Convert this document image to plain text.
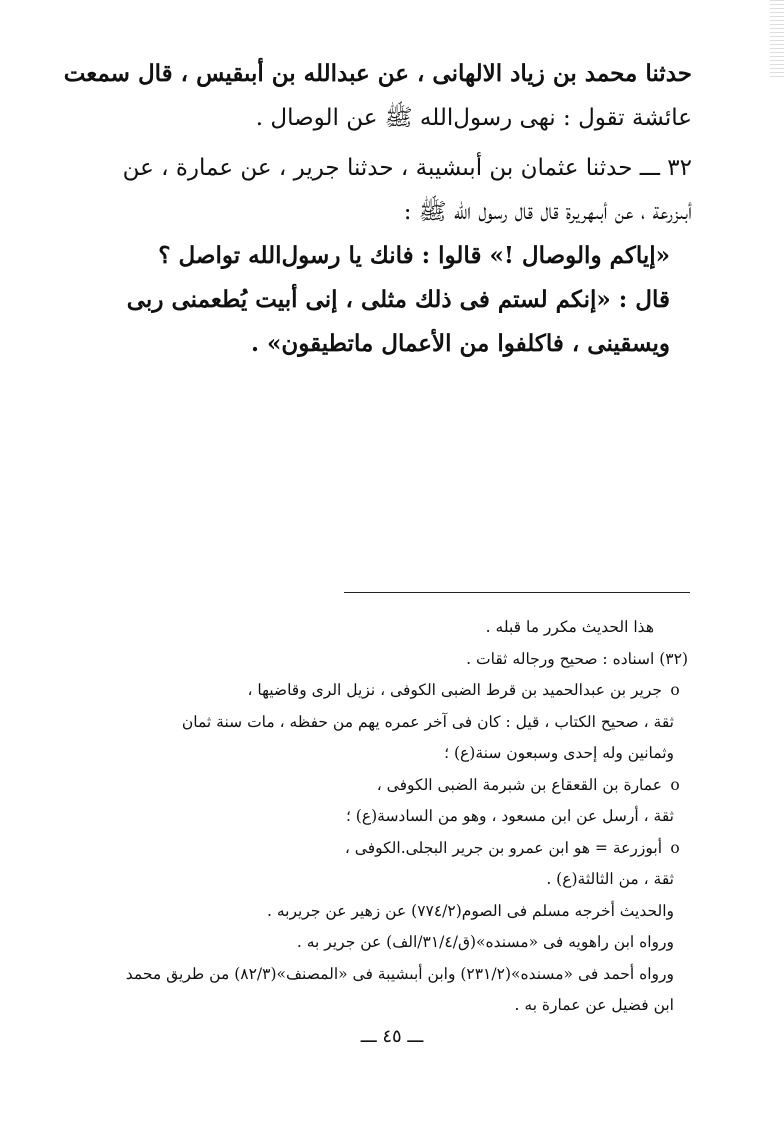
حدثنا محمد بن زياد الالهانى ، عن عبدالله بن أبىقيس ، قال سمعت
عائشة تقول : نهى رسول‌الله ﷺ عن الوصال .
٣٢ ـــ حدثنا عثمان بن أبىشيبة ، حدثنا جرير ، عن عمارة ، عن
أبىزرعة ، عن أبىهريرة قال قال رسول الله ﷺ :
«إياكم والوصال !» قالوا : فانك يا رسول‌الله تواصل ؟
قال : «إنكم لستم فى ذلك مثلى ، إنى أبيت يُطعمنى ربى
ويسقينى ، فاكلفوا من الأعمال ماتطيقون» .
هذا الحديث مكرر ما قبله .
(٣٢) اسناده : صحيح ورجاله ثقات .
oجرير بن عبدالحميد بن قرط الضبى الكوفى ، نزيل الرى وقاضيها ،
ثقة ، صحيح الكتاب ، قيل : كان فى آخر عمره يهم من حفظه ، مات سنة ثمان
وثمانين وله إحدى وسبعون سنة(ع) ؛
oعمارة بن القعقاع بن شبرمة الضبى الكوفى ،
ثقة ، أرسل عن ابن مسعود ، وهو من السادسة(ع) ؛
oأبوزرعة = هو ابن عمرو بن جرير البجلى.الكوفى ،
ثقة ، من الثالثة(ع) .
والحديث أخرجه مسلم فى الصوم(٧٧٤/٢) عن زهير عن جريربه .
ورواه ابن راهويه فى «مسنده»(ق/٣١/٤/الف) عن جرير به .
ورواه أحمد فى «مسنده»(٢٣١/٢) وابن أبىشيبة فى «المصنف»(٨٢/٣) من طريق محمد
ابن فضيل عن عمارة به .
ـــ ٤٥ ـــ
